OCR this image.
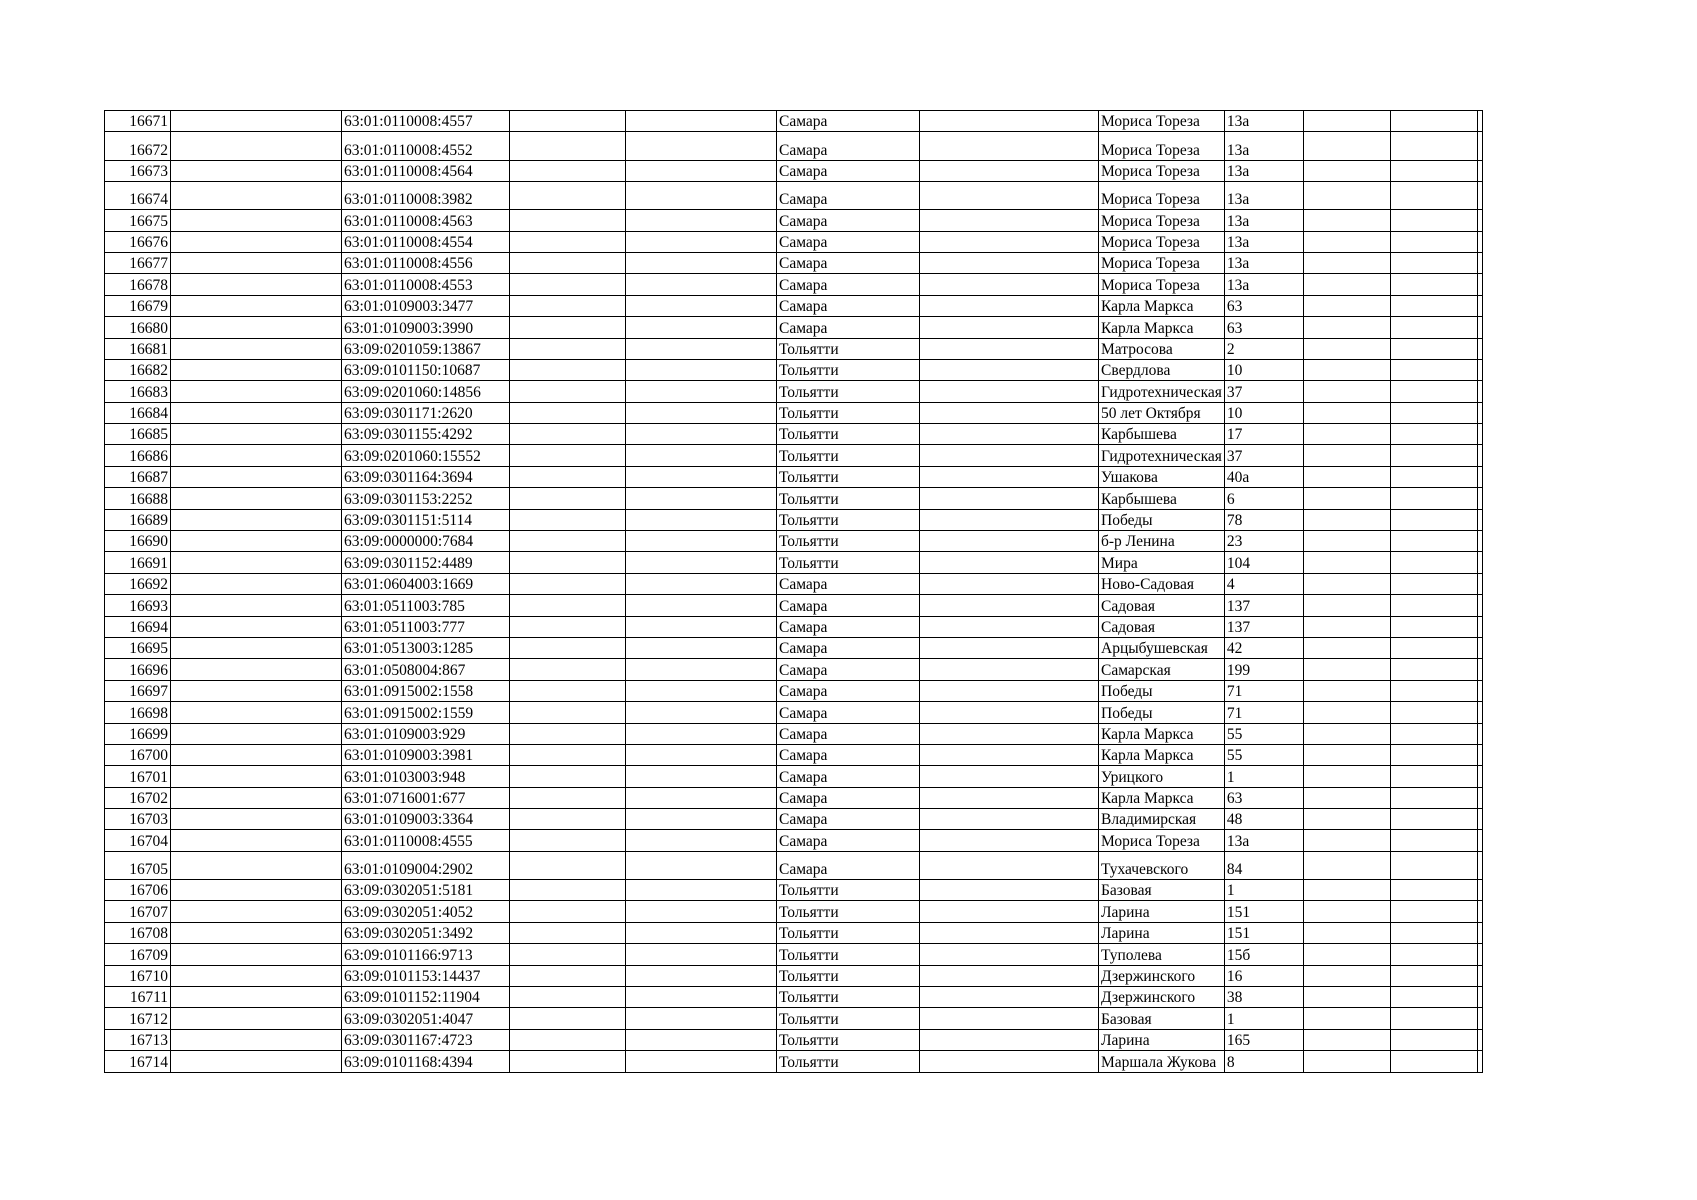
16671		63:01:0110008:4557			Самара		Мориса Тореза	13а			
16672		63:01:0110008:4552			Самара		Мориса Тореза	13а			
16673		63:01:0110008:4564			Самара		Мориса Тореза	13а			
16674		63:01:0110008:3982			Самара		Мориса Тореза	13а			
16675		63:01:0110008:4563			Самара		Мориса Тореза	13а			
16676		63:01:0110008:4554			Самара		Мориса Тореза	13а			
16677		63:01:0110008:4556			Самара		Мориса Тореза	13а			
16678		63:01:0110008:4553			Самара		Мориса Тореза	13а			
16679		63:01:0109003:3477			Самара		Карла Маркса	63			
16680		63:01:0109003:3990			Самара		Карла Маркса	63			
16681		63:09:0201059:13867			Тольятти		Матросова	2			
16682		63:09:0101150:10687			Тольятти		Свердлова	10			
16683		63:09:0201060:14856			Тольятти		Гидротехническая	37			
16684		63:09:0301171:2620			Тольятти		50 лет Октября	10			
16685		63:09:0301155:4292			Тольятти		Карбышева	17			
16686		63:09:0201060:15552			Тольятти		Гидротехническая	37			
16687		63:09:0301164:3694			Тольятти		Ушакова	40а			
16688		63:09:0301153:2252			Тольятти		Карбышева	6			
16689		63:09:0301151:5114			Тольятти		Победы	78			
16690		63:09:0000000:7684			Тольятти		б-р Ленина	23			
16691		63:09:0301152:4489			Тольятти		Мира	104			
16692		63:01:0604003:1669			Самара		Ново-Садовая	4			
16693		63:01:0511003:785			Самара		Садовая	137			
16694		63:01:0511003:777			Самара		Садовая	137			
16695		63:01:0513003:1285			Самара		Арцыбушевская	42			
16696		63:01:0508004:867			Самара		Самарская	199			
16697		63:01:0915002:1558			Самара		Победы	71			
16698		63:01:0915002:1559			Самара		Победы	71			
16699		63:01:0109003:929			Самара		Карла Маркса	55			
16700		63:01:0109003:3981			Самара		Карла Маркса	55			
16701		63:01:0103003:948			Самара		Урицкого	1			
16702		63:01:0716001:677			Самара		Карла Маркса	63			
16703		63:01:0109003:3364			Самара		Владимирская	48			
16704		63:01:0110008:4555			Самара		Мориса Тореза	13а			
16705		63:01:0109004:2902			Самара		Тухачевского	84			
16706		63:09:0302051:5181			Тольятти		Базовая	1			
16707		63:09:0302051:4052			Тольятти		Ларина	151			
16708		63:09:0302051:3492			Тольятти		Ларина	151			
16709		63:09:0101166:9713			Тольятти		Туполева	15б			
16710		63:09:0101153:14437			Тольятти		Дзержинского	16			
16711		63:09:0101152:11904			Тольятти		Дзержинского	38			
16712		63:09:0302051:4047			Тольятти		Базовая	1			
16713		63:09:0301167:4723			Тольятти		Ларина	165			
16714		63:09:0101168:4394			Тольятти		Маршала Жукова	8			
